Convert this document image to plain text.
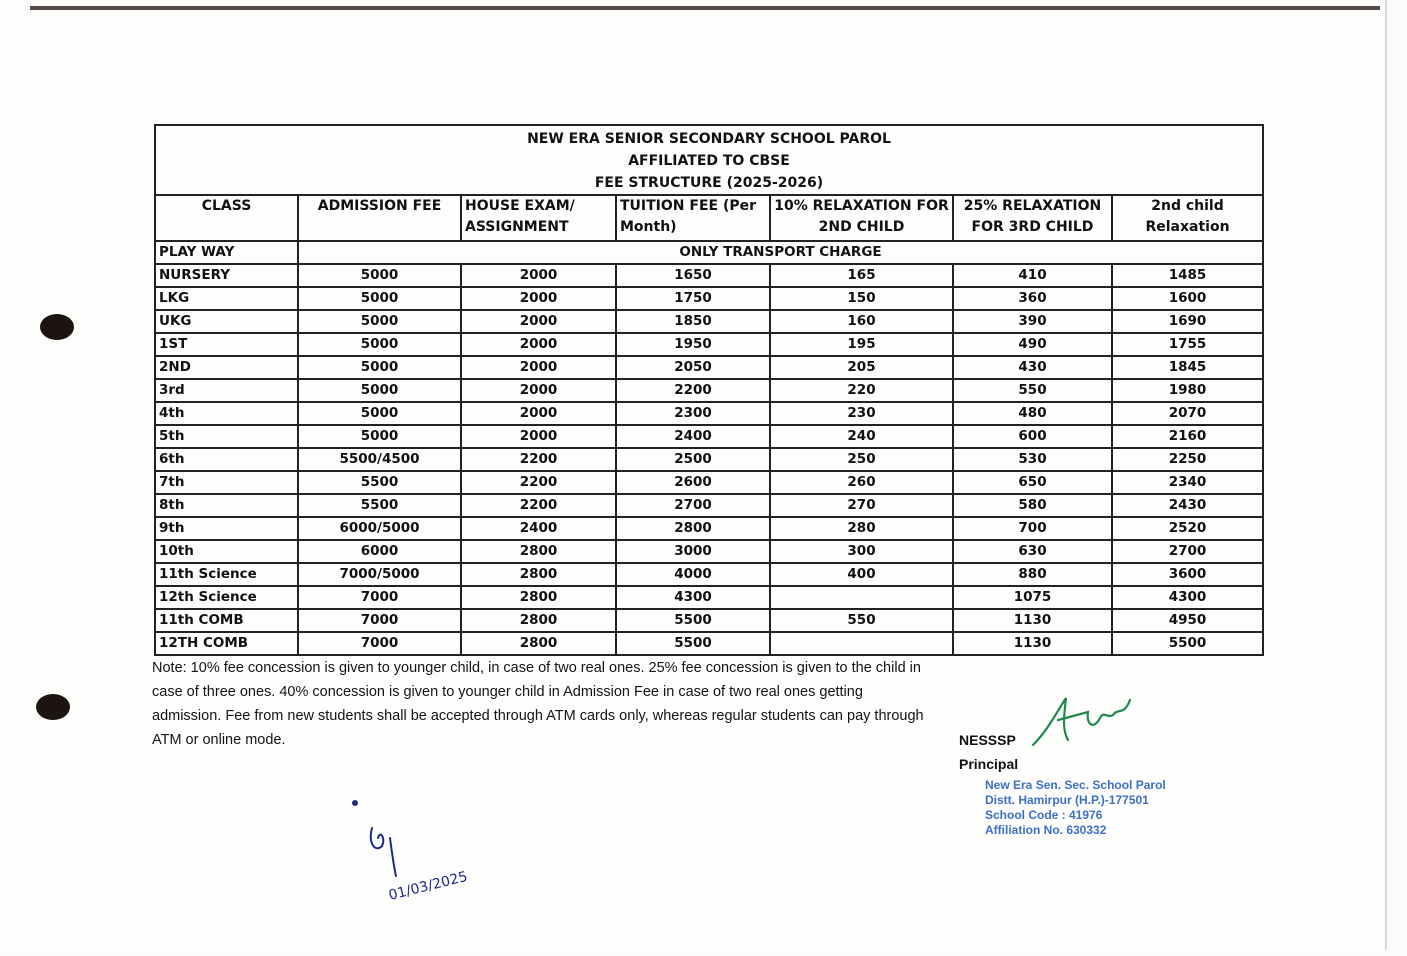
NEW ERA SENIOR SECONDARY SCHOOL PAROL
AFFILIATED TO CBSE
FEE STRUCTURE (2025-2026)						

CLASS	ADMISSION FEE	HOUSE EXAM/ ASSIGNMENT	TUITION FEE (Per Month)	10% RELAXATION FOR 2ND CHILD	25% RELAXATION FOR 3RD CHILD	2nd child Relaxation
PLAY WAY	ONLY TRANSPORT CHARGE					
NURSERY	5000	2000	1650	165	410	1485
LKG	5000	2000	1750	150	360	1600
UKG	5000	2000	1850	160	390	1690
1ST	5000	2000	1950	195	490	1755
2ND	5000	2000	2050	205	430	1845
3rd	5000	2000	2200	220	550	1980
4th	5000	2000	2300	230	480	2070
5th	5000	2000	2400	240	600	2160
6th	5500/4500	2200	2500	250	530	2250
7th	5500	2200	2600	260	650	2340
8th	5500	2200	2700	270	580	2430
9th	6000/5000	2400	2800	280	700	2520
10th	6000	2800	3000	300	630	2700
11th Science	7000/5000	2800	4000	400	880	3600
12th Science	7000	2800	4300		1075	4300
11th COMB	7000	2800	5500	550	1130	4950
12TH COMB	7000	2800	5500		1130	5500
Note: 10% fee concession is given to younger child, in case of two real ones. 25% fee concession is given to the child in case of three ones. 40% concession is given to younger child in Admission Fee in case of two real ones getting admission. Fee from new students shall be accepted through ATM cards only, whereas regular students can pay through ATM or online mode.	NESSSP
Principal
New Era Sen. Sec. School Parol
Distt. Hamirpur (H.P.)-177501
School Code : 41976
Affiliation No. 630332
01/03/2025
